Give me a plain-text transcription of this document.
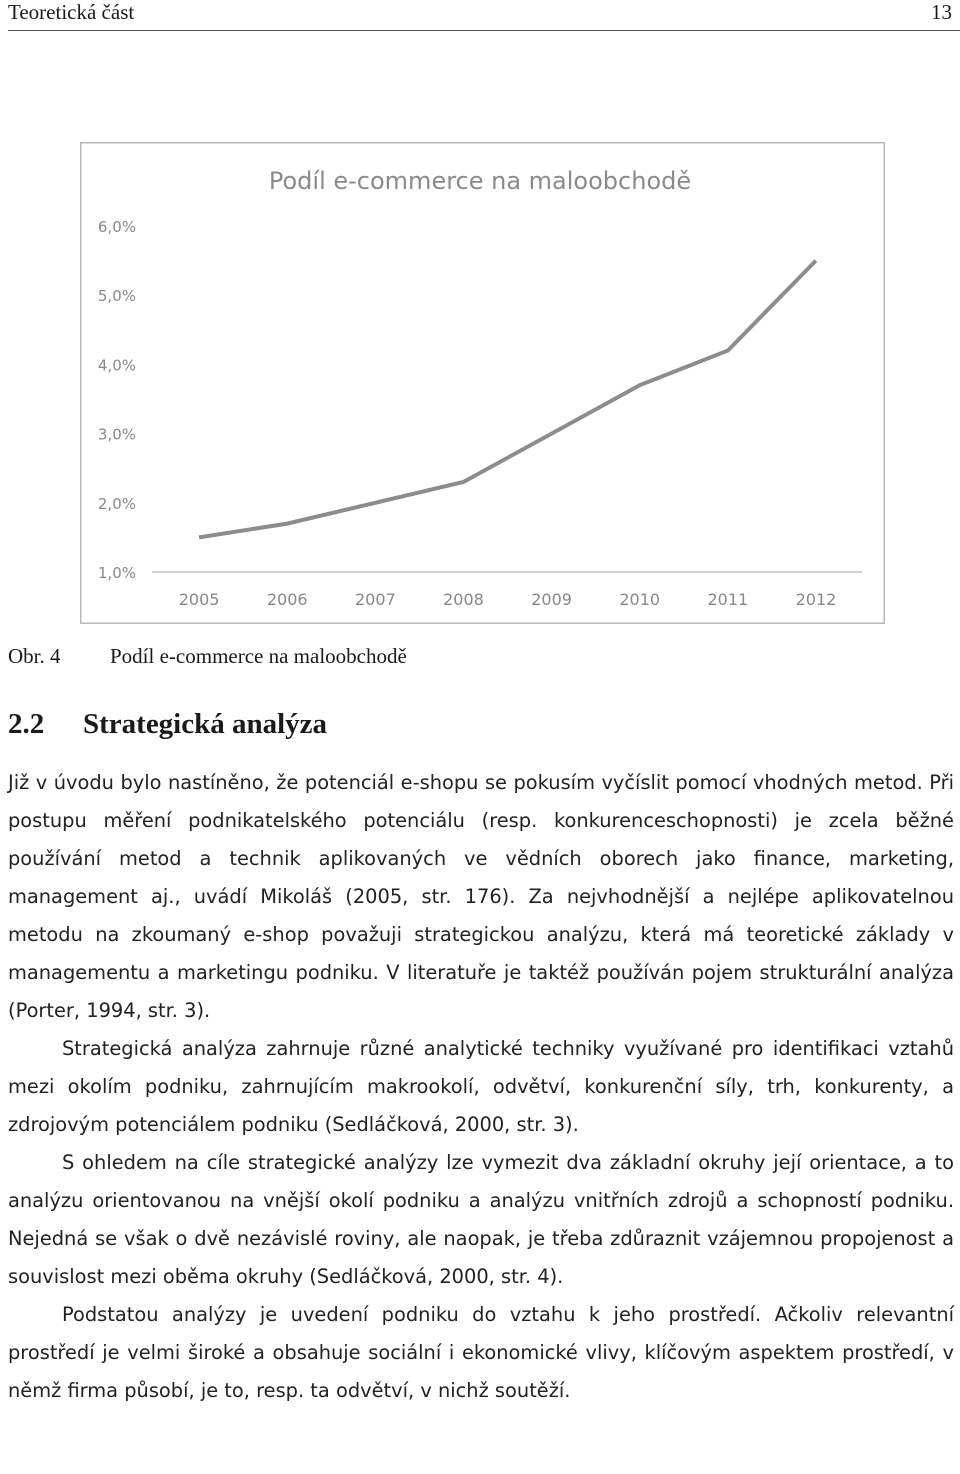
Teoretická část	13
Podíl e-commerce na maloobchodě
1,0%
2,0%
3,0%
4,0%
5,0%
6,0%
2005	2006	2007	2008	2009	2010	2011	2012
Obr. 4 Podíl e-commerce na maloobchodě
2.2 Strategická analýza

Již v úvodu bylo nastíněno, že potenciál e-shopu se pokusím vyčíslit pomocí vhodných metod. Při postupu měření podnikatelského potenciálu (resp. konkurenceschopnosti) je zcela běžné používání metod a technik aplikovaných ve vědních oborech jako finance, marketing, management aj., uvádí Mikoláš (2005, str. 176). Za nejvhodnější a nejlépe aplikovatelnou metodu na zkoumaný e-shop považuji strategickou analýzu, která má teoretické základy v managementu a marketingu podniku. V literatuře je taktéž používán pojem strukturální analýza (Porter, 1994, str. 3).

Strategická analýza zahrnuje různé analytické techniky využívané pro identifikaci vztahů mezi okolím podniku, zahrnujícím makrookolí, odvětví, konkurenční síly, trh, konkurenty, a zdrojovým potenciálem podniku (Sedláčková, 2000, str. 3).

S ohledem na cíle strategické analýzy lze vymezit dva základní okruhy její orientace, a to analýzu orientovanou na vnější okolí podniku a analýzu vnitřních zdrojů a schopností podniku. Nejedná se však o dvě nezávislé roviny, ale naopak, je třeba zdůraznit vzájemnou propojenost a souvislost mezi oběma okruhy (Sedláčková, 2000, str. 4).

Podstatou analýzy je uvedení podniku do vztahu k jeho prostředí. Ačkoliv relevantní prostředí je velmi široké a obsahuje sociální i ekonomické vlivy, klíčovým aspektem prostředí, v němž firma působí, je to, resp. ta odvětví, v nichž soutěží.
